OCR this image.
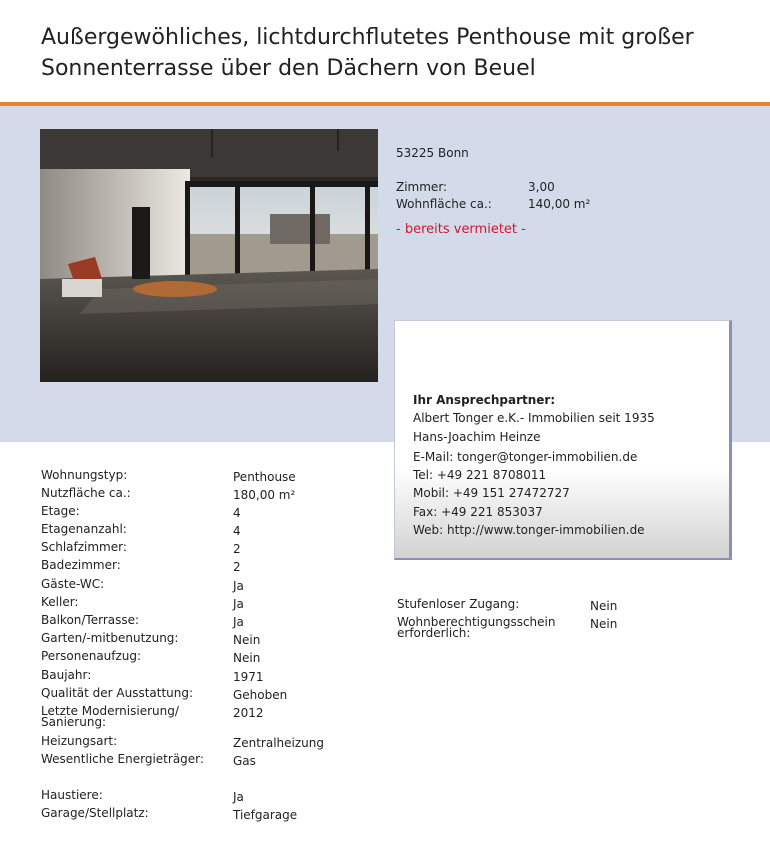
Außergewöhliches, lichtdurchflutetes Penthouse mit großer Sonnenterrasse über den Dächern von Beuel
53225 Bonn
Zimmer:	3,00
Wohnfläche ca.:	140,00 m²
- bereits vermietet -
Ihr Ansprechpartner:
Albert Tonger e.K.- Immobilien seit 1935
Hans-Joachim Heinze
E-Mail: tonger@tonger-immobilien.de
Tel: +49 221 8708011
Mobil: +49 151 27472727
Fax: +49 221 853037
Web: http://www.tonger-immobilien.de
Wohnungstyp:	Penthouse
Nutzfläche ca.:	180,00 m²
Etage:	4
Etagenanzahl:	4
Schlafzimmer:	2
Badezimmer:	2
Gäste-WC:	Ja
Keller:	Ja
Balkon/Terrasse:	Ja
Garten/-mitbenutzung:	Nein
Personenaufzug:	Nein
Baujahr:	1971
Qualität der Ausstattung:	Gehoben
Letzte Modernisierung/ Sanierung:
2012
Heizungsart:	Zentralheizung
Wesentliche Energieträger:	Gas
Haustiere:	Ja
Garage/Stellplatz:	Tiefgarage
Stufenloser Zugang:	Nein
Wohnberechtigungsschein erforderlich:
Nein
